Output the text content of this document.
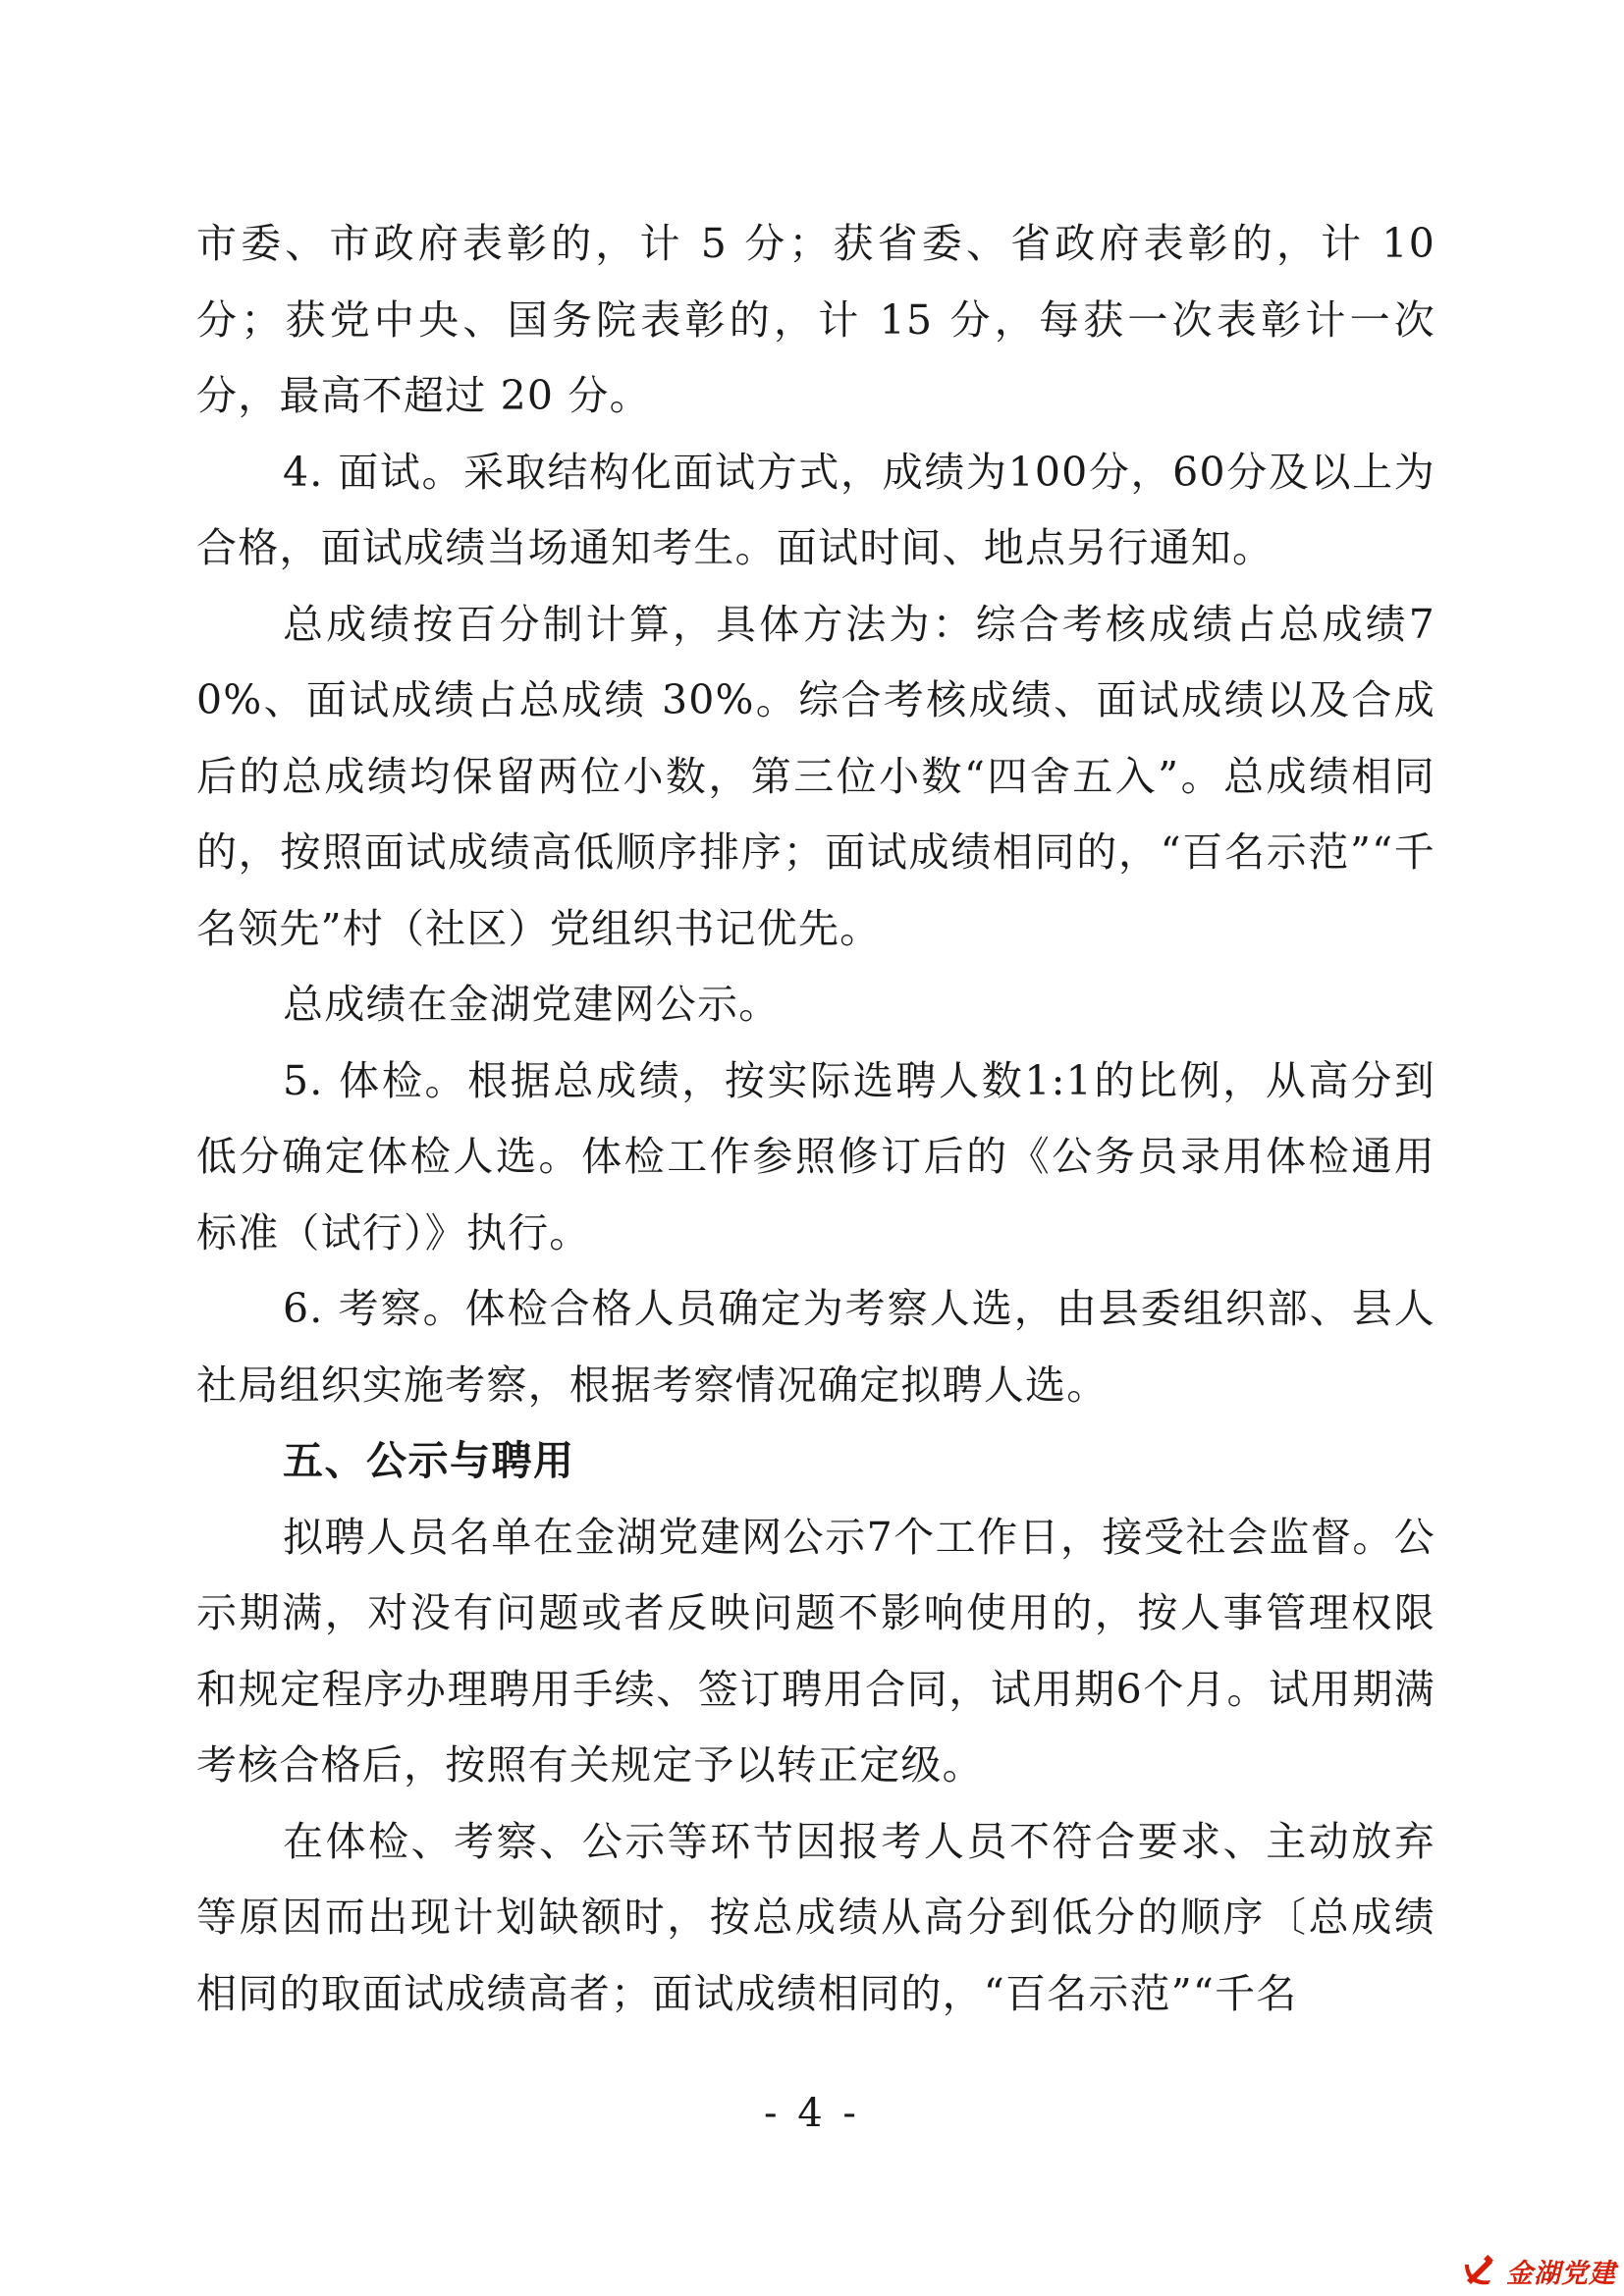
市委、市政府表彰的，计 5 分；获省委、省政府表彰的，计 10 分；获党中央、国务院表彰的，计 15 分，每获一次表彰计一次分，最高不超过 20 分。

4. 面试。采取结构化面试方式，成绩为100分，60分及以上为合格，面试成绩当场通知考生。面试时间、地点另行通知。

总成绩按百分制计算，具体方法为：综合考核成绩占总成绩70%、面试成绩占总成绩 30%。综合考核成绩、面试成绩以及合成后的总成绩均保留两位小数，第三位小数“四舍五入”。总成绩相同的，按照面试成绩高低顺序排序；面试成绩相同的，“百名示范”“千名领先”村（社区）党组织书记优先。

总成绩在金湖党建网公示。

5. 体检。根据总成绩，按实际选聘人数1:1的比例，从高分到低分确定体检人选。体检工作参照修订后的《公务员录用体检通用标准（试行）》执行。

6. 考察。体检合格人员确定为考察人选，由县委组织部、县人社局组织实施考察，根据考察情况确定拟聘人选。

五、公示与聘用

拟聘人员名单在金湖党建网公示7个工作日，接受社会监督。公示期满，对没有问题或者反映问题不影响使用的，按人事管理权限和规定程序办理聘用手续、签订聘用合同，试用期6个月。试用期满考核合格后，按照有关规定予以转正定级。

在体检、考察、公示等环节因报考人员不符合要求、主动放弃等原因而出现计划缺额时，按总成绩从高分到低分的顺序〔总成绩相同的取面试成绩高者；面试成绩相同的，“百名示范”“千名

- 4 -
金湖党建
